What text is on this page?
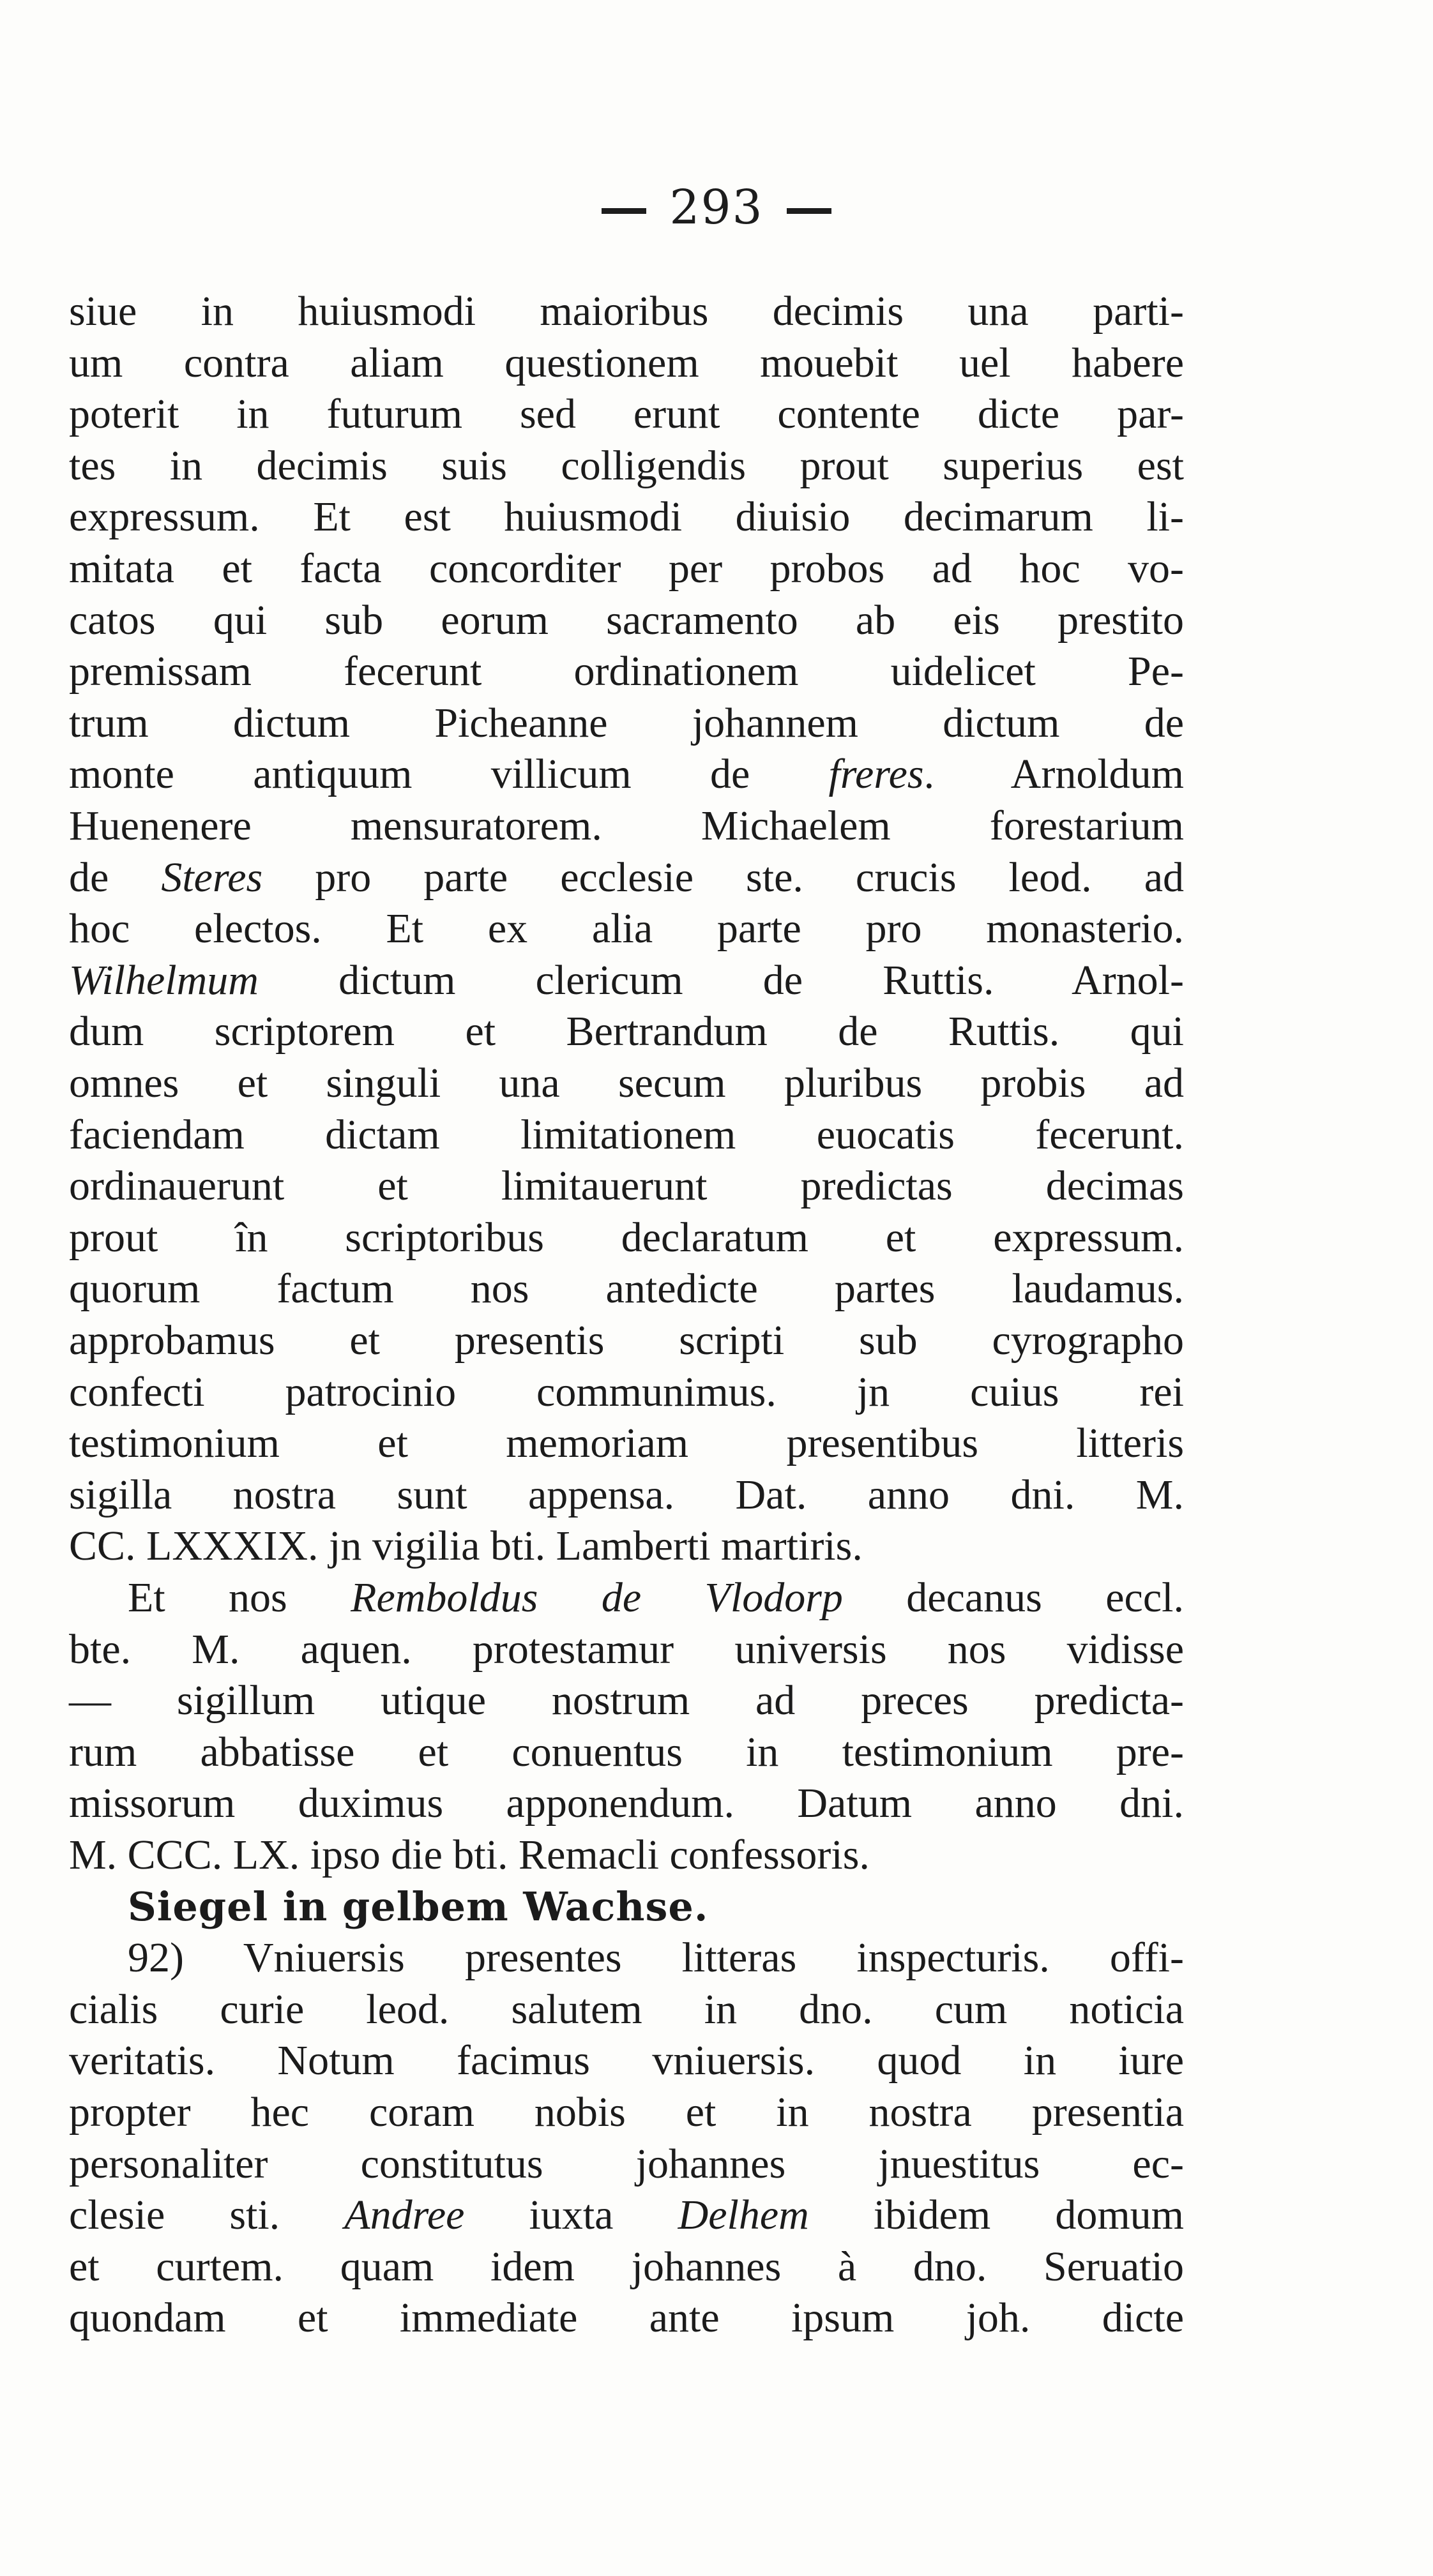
293
siue in huiusmodi maioribus decimis una parti-
um contra aliam questionem mouebit uel habere
poterit in futurum sed erunt contente dicte par-
tes in decimis suis colligendis prout superius est
expressum. Et est huiusmodi diuisio decimarum li-
mitata et facta concorditer per probos ad hoc vo-
catos qui sub eorum sacramento ab eis prestito
premissam fecerunt ordinationem uidelicet Pe-
trum dictum Picheanne johannem dictum de
monte antiquum villicum de freres. Arnoldum
Huenenere mensuratorem. Michaelem forestarium
de Steres pro parte ecclesie ste. crucis leod. ad
hoc electos. Et ex alia parte pro monasterio.
Wilhelmum dictum clericum de Ruttis. Arnol-
dum scriptorem et Bertrandum de Ruttis. qui
omnes et singuli una secum pluribus probis ad
faciendam dictam limitationem euocatis fecerunt.
ordinauerunt et limitauerunt predictas decimas
prout în scriptoribus declaratum et expressum.
quorum factum nos antedicte partes laudamus.
approbamus et presentis scripti sub cyrographo
confecti patrocinio communimus. jn cuius rei
testimonium et memoriam presentibus litteris
sigilla nostra sunt appensa. Dat. anno dni. M.
CC. LXXXIX. jn vigilia bti. Lamberti martiris.
Et nos Remboldus de Vlodorp decanus eccl.
bte. M. aquen. protestamur universis nos vidisse
— sigillum utique nostrum ad preces predicta-
rum abbatisse et conuentus in testimonium pre-
missorum duximus apponendum. Datum anno dni.
M. CCC. LX. ipso die bti. Remacli confessoris.
Siegel in gelbem Wachse.
92) Vniuersis presentes litteras inspecturis. offi-
cialis curie leod. salutem in dno. cum noticia
veritatis. Notum facimus vniuersis. quod in iure
propter hec coram nobis et in nostra presentia
personaliter constitutus johannes jnuestitus ec-
clesie sti. Andree iuxta Delhem ibidem domum
et curtem. quam idem johannes à dno. Seruatio
quondam et immediate ante ipsum joh. dicte
